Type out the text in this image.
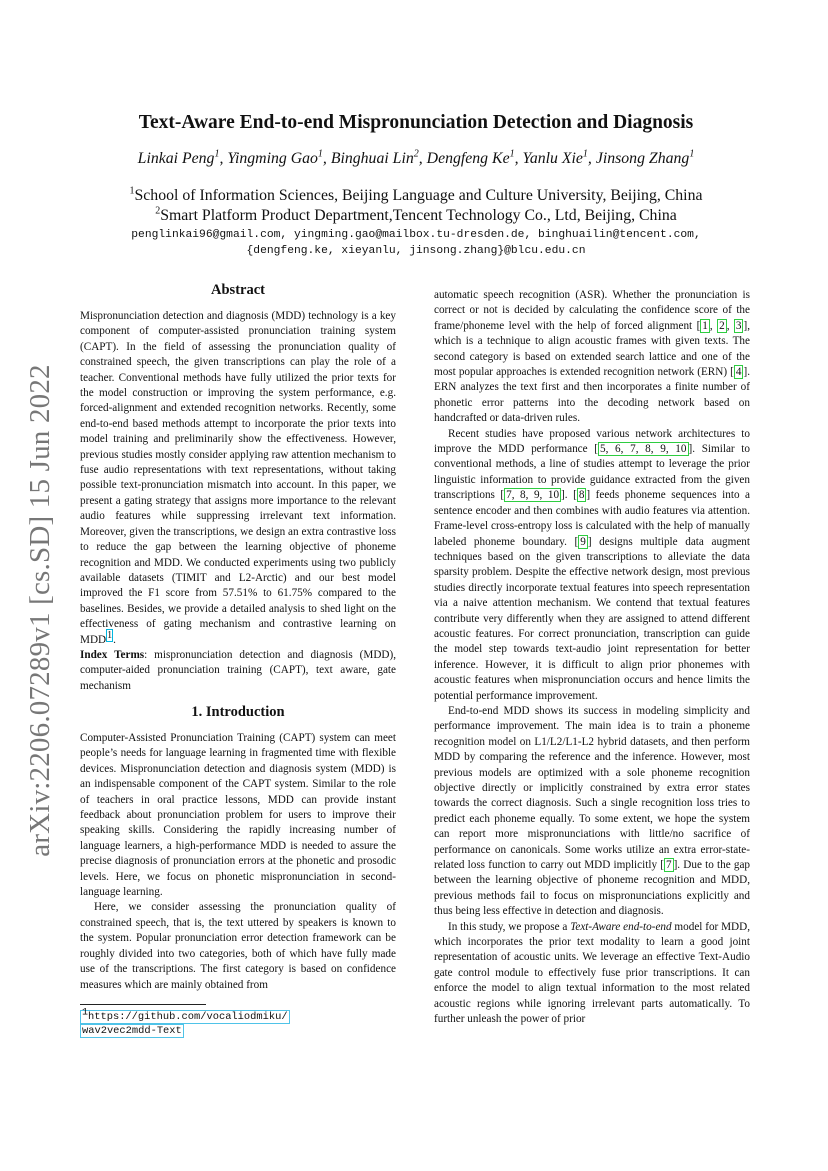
arXiv:2206.07289v1 [cs.SD] 15 Jun 2022
Text-Aware End-to-end Mispronunciation Detection and Diagnosis
Linkai Peng$^1$, Yingming Gao$^1$, Binghuai Lin$^2$, Dengfeng Ke$^1$, Yanlu Xie$^1$, Jinsong Zhang$^1$
$^1$School of Information Sciences, Beijing Language and Culture University, Beijing, China
$^2$Smart Platform Product Department,Tencent Technology Co., Ltd, Beijing, China
penglinkai96@gmail.com, yingming.gao@mailbox.tu-dresden.de, binghuailin@tencent.com,
{dengfeng.ke, xieyanlu, jinsong.zhang}@blcu.edu.cn
Abstract

Mispronunciation detection and diagnosis (MDD) technology is a key component of computer-assisted pronunciation training system (CAPT). In the field of assessing the pronunciation quality of constrained speech, the given transcriptions can play the role of a teacher. Conventional methods have fully utilized the prior texts for the model construction or improving the system performance, e.g. forced-alignment and extended recognition networks. Recently, some end-to-end based methods attempt to incorporate the prior texts into model training and preliminarily show the effectiveness. However, previous studies mostly consider applying raw attention mechanism to fuse audio representations with text representations, without taking possible text-pronunciation mismatch into account. In this paper, we present a gating strategy that assigns more importance to the relevant audio features while suppressing irrelevant text information. Moreover, given the transcriptions, we design an extra contrastive loss to reduce the gap between the learning objective of phoneme recognition and MDD. We conducted experiments using two publicly available datasets (TIMIT and L2-Arctic) and our best model improved the F1 score from 57.51% to 61.75% compared to the baselines. Besides, we provide a detailed analysis to shed light on the effectiveness of gating mechanism and contrastive learning on MDD$^1$.

Index Terms: mispronunciation detection and diagnosis (MDD), computer-aided pronunciation training (CAPT), text aware, gate mechanism

1. Introduction

Computer-Assisted Pronunciation Training (CAPT) system can meet people’s needs for language learning in fragmented time with flexible devices. Mispronunciation detection and diagnosis system (MDD) is an indispensable component of the CAPT system. Similar to the role of teachers in oral practice lessons, MDD can provide instant feedback about pronunciation problem for users to improve their speaking skills. Considering the rapidly increasing number of language learners, a high-performance MDD is needed to assure the precise diagnosis of pronunciation errors at the phonetic and prosodic levels. Here, we focus on phonetic mispronunciation in second-language learning.

Here, we consider assessing the pronunciation quality of constrained speech, that is, the text uttered by speakers is known to the system. Popular pronunciation error detection framework can be roughly divided into two categories, both of which have fully made use of the transcriptions. The first category is based on confidence measures which are mainly obtained from

$^1$https://github.com/vocaliodmiku/
wav2vec2mdd-Text

automatic speech recognition (ASR). Whether the pronunciation is correct or not is decided by calculating the confidence score of the frame/phoneme level with the help of forced alignment [ 1 , 2 , 3 ], which is a technique to align acoustic frames with given texts. The second category is based on extended search lattice and one of the most popular approaches is extended recognition network (ERN) [ 4 ]. ERN analyzes the text first and then incorporates a finite number of phonetic error patterns into the decoding network based on handcrafted or data-driven rules.

Recent studies have proposed various network architectures to improve the MDD performance [ 5, 6, 7, 8, 9, 10 ]. Similar to conventional methods, a line of studies attempt to leverage the prior linguistic information to provide guidance extracted from the given transcriptions [ 7, 8, 9, 10 ]. [ 8 ] feeds phoneme sequences into a sentence encoder and then combines with audio features via attention. Frame-level cross-entropy loss is calculated with the help of manually labeled phoneme boundary. [ 9 ] designs multiple data augment techniques based on the given transcriptions to alleviate the data sparsity problem. Despite the effective network design, most previous studies directly incorporate textual features into speech representation via a naive attention mechanism. We contend that textual features contribute very differently when they are assigned to attend different acoustic features. For correct pronunciation, transcription can guide the model step towards text-audio joint representation for better inference. However, it is difficult to align prior phonemes with acoustic features when mispronunciation occurs and hence limits the potential performance improvement.

End-to-end MDD shows its success in modeling simplicity and performance improvement. The main idea is to train a phoneme recognition model on L1/L2/L1-L2 hybrid datasets, and then perform MDD by comparing the reference and the inference. However, most previous models are optimized with a sole phoneme recognition objective directly or implicitly constrained by extra error states towards the correct diagnosis. Such a single recognition loss tries to predict each phoneme equally. To some extent, we hope the system can report more mispronunciations with little/no sacrifice of performance on canonicals. Some works utilize an extra error-state-related loss function to carry out MDD implicitly [ 7 ]. Due to the gap between the learning objective of phoneme recognition and MDD, previous methods fail to focus on mispronunciations explicitly and thus being less effective in detection and diagnosis.

In this study, we propose a Text-Aware end-to-end model for MDD, which incorporates the prior text modality to learn a good joint representation of acoustic units. We leverage an effective Text-Audio gate control module to effectively fuse prior transcriptions. It can enforce the model to align textual information to the most related acoustic regions while ignoring irrelevant parts automatically. To further unleash the power of prior
